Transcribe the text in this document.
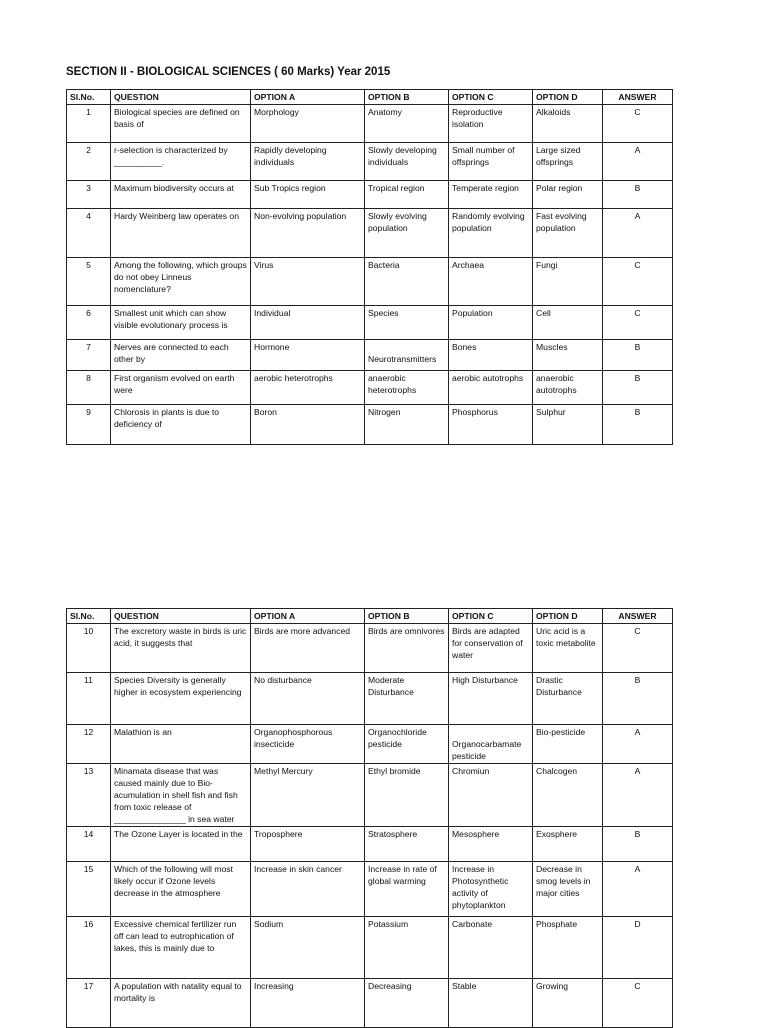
SECTION II - BIOLOGICAL SCIENCES ( 60 Marks) Year 2015
Sl.No.	QUESTION	OPTION A	OPTION B	OPTION C	OPTION D	ANSWER
1	Biological species are defined on basis of	Morphology	Anatomy	Reproductive isolation	Alkaloids	C
2	r-selection is characterized by __________.	Rapidly developing individuals	Slowly developing individuals	Small number of offsprings	Large sized offsprings	A
3	Maximum biodiversity occurs at	Sub Tropics region	Tropical region	Temperate region	Polar region	B
4	Hardy Weinberg law operates on	Non-evolving population	Slowly evolving population	Randomly evolving population	Fast evolving population	A
5	Among the following, which groups do not obey Linneus nomenclature?	Virus	Bacteria	Archaea	Fungi	C
6	Smallest unit which can show visible evolutionary process is	Individual	Species	Population	Cell	C
7	Nerves are connected to each other by	Hormone	Neurotransmitters	Bones	Muscles	B
8	First organism evolved on earth were	aerobic heterotrophs	anaerobic heterotrophs	aerobic autotrophs	anaerobic autotrophs	B
9	Chlorosis in plants is due to deficiency of	Boron	Nitrogen	Phosphorus	Sulphur	B
Sl.No.	QUESTION	OPTION A	OPTION B	OPTION C	OPTION D	ANSWER
10	The excretory waste in birds is uric acid, it suggests that	Birds are more advanced	Birds are omnivores	Birds are adapted for conservation of water	Uric acid is a toxic metabolite	C
11	Species Diversity is generally higher in ecosystem experiencing	No disturbance	Moderate Disturbance	High Disturbance	Drastic Disturbance	B
12	Malathion is an	Organophosphorous insecticide	Organochloride pesticide	Organocarbamate pesticide	Bio-pesticide	A
13	Minamata disease that was caused mainly due to Bio-acumulation in shell fish and fish from toxic release of _______________ in sea water	Methyl Mercury	Ethyl bromide	Chromiun	Chalcogen	A
14	The Ozone Layer is located in the	Troposphere	Stratosphere	Mesosphere	Exosphere	B
15	Which of the following will most likely occur if Ozone levels decrease in the atmosphere	Increase in skin cancer	Increase in rate of global warming	Increase in Photosynthetic activity of phytoplankton	Decrease in smog levels in major cities	A
16	Excessive chemical fertilizer run off can lead to eutrophication of lakes, this is mainly due to	Sodium	Potassium	Carbonate	Phosphate	D
17	A population with natality equal to mortality is	Increasing	Decreasing	Stable	Growing	C
